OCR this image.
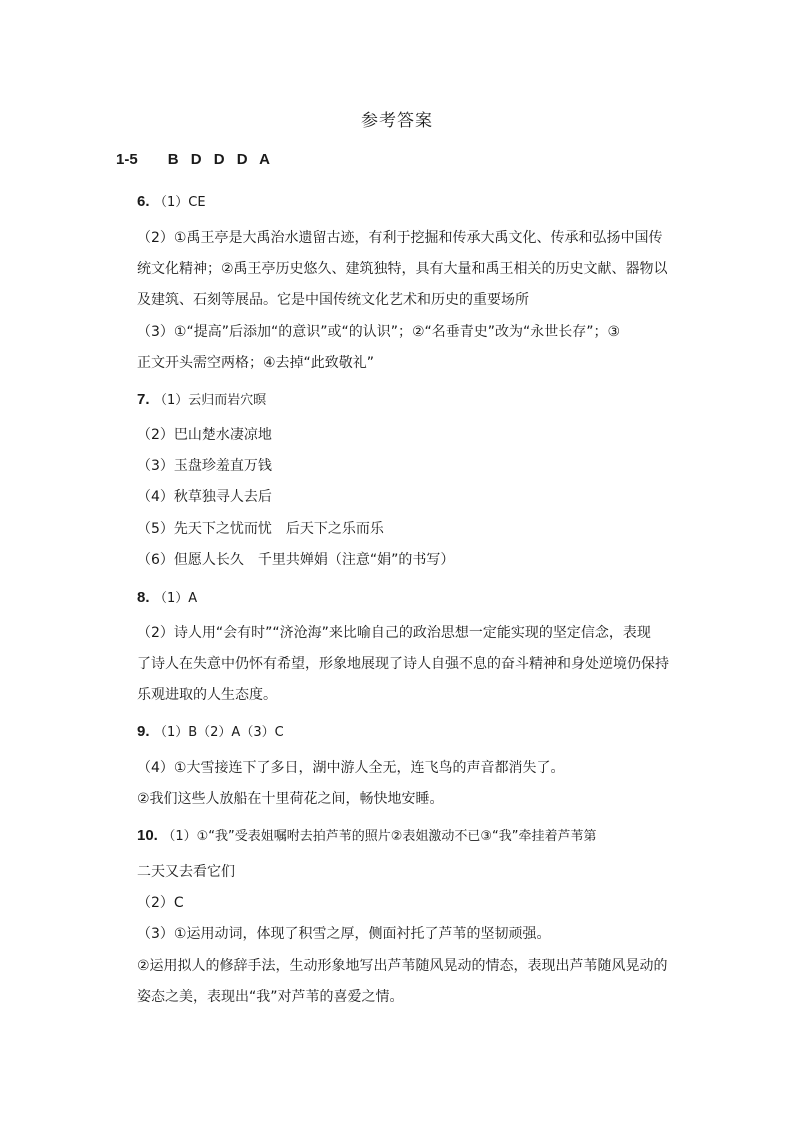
参考答案
1-5 B D D D A
6. （1）CE
（2）①禹王亭是大禹治水遗留古迹，有利于挖掘和传承大禹文化、传承和弘扬中国传
统文化精神；②禹王亭历史悠久、建筑独特，具有大量和禹王相关的历史文献、器物以
及建筑、石刻等展品。它是中国传统文化艺术和历史的重要场所
（3）①“提高”后添加“的意识”或“的认识”；②“名垂青史”改为“永世长存”；③
正文开头需空两格；④去掉“此致敬礼”
7. （1）云归而岩穴暝
（2）巴山楚水凄凉地
（3）玉盘珍羞直万钱
（4）秋草独寻人去后
（5）先天下之忧而忧　后天下之乐而乐
（6）但愿人长久　千里共婵娟（注意“娟”的书写）
8. （1）A
（2）诗人用“会有时”“济沧海”来比喻自己的政治思想一定能实现的坚定信念，表现
了诗人在失意中仍怀有希望，形象地展现了诗人自强不息的奋斗精神和身处逆境仍保持
乐观进取的人生态度。
9. （1）B（2）A（3）C
（4）①大雪接连下了多日，湖中游人全无，连飞鸟的声音都消失了。
②我们这些人放船在十里荷花之间，畅快地安睡。
10. （1）①“我”受表姐嘱咐去拍芦苇的照片②表姐激动不已③“我”牵挂着芦苇第
二天又去看它们
（2）C
（3）①运用动词，体现了积雪之厚，侧面衬托了芦苇的坚韧顽强。
②运用拟人的修辞手法，生动形象地写出芦苇随风晃动的情态，表现出芦苇随风晃动的
姿态之美，表现出“我”对芦苇的喜爱之情。
